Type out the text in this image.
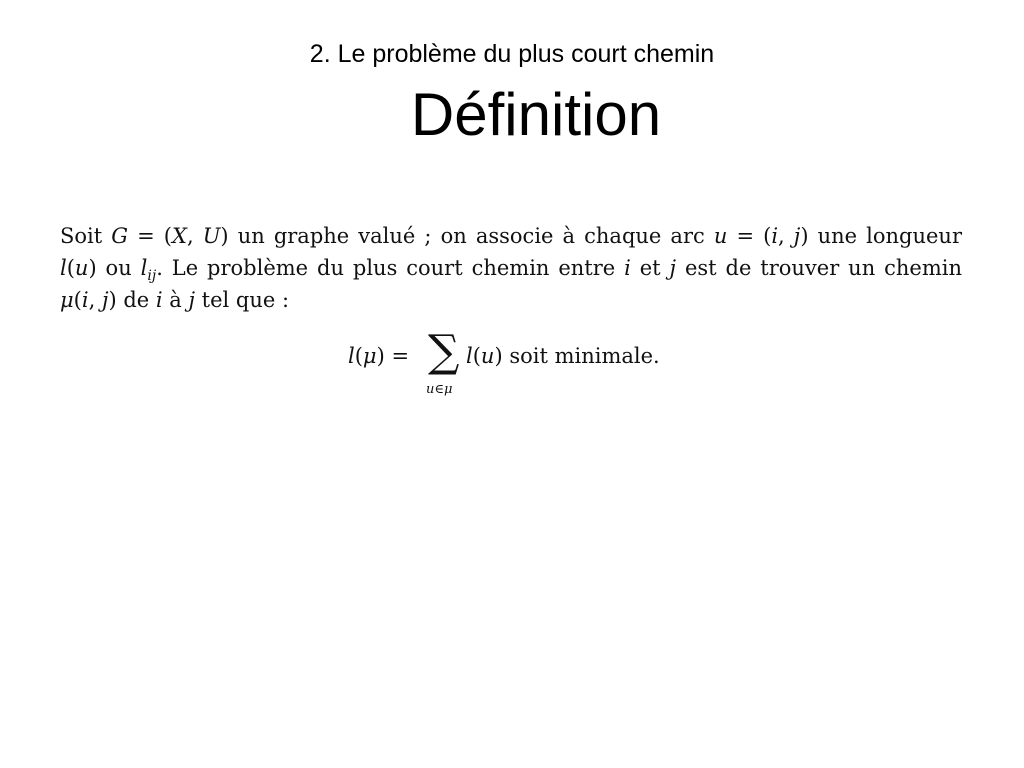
2. Le problème du plus court chemin
Définition
Soit G = (X, U) un graphe valué ; on associe à chaque arc u = (i, j) une longueur
l(u) ou $l_{ij}$. Le problème du plus court chemin entre i et j est de trouver un chemin
μ(i, j) de i à j tel que :
l(μ) = ∑
u∈μ
l(u) soit minimale.
